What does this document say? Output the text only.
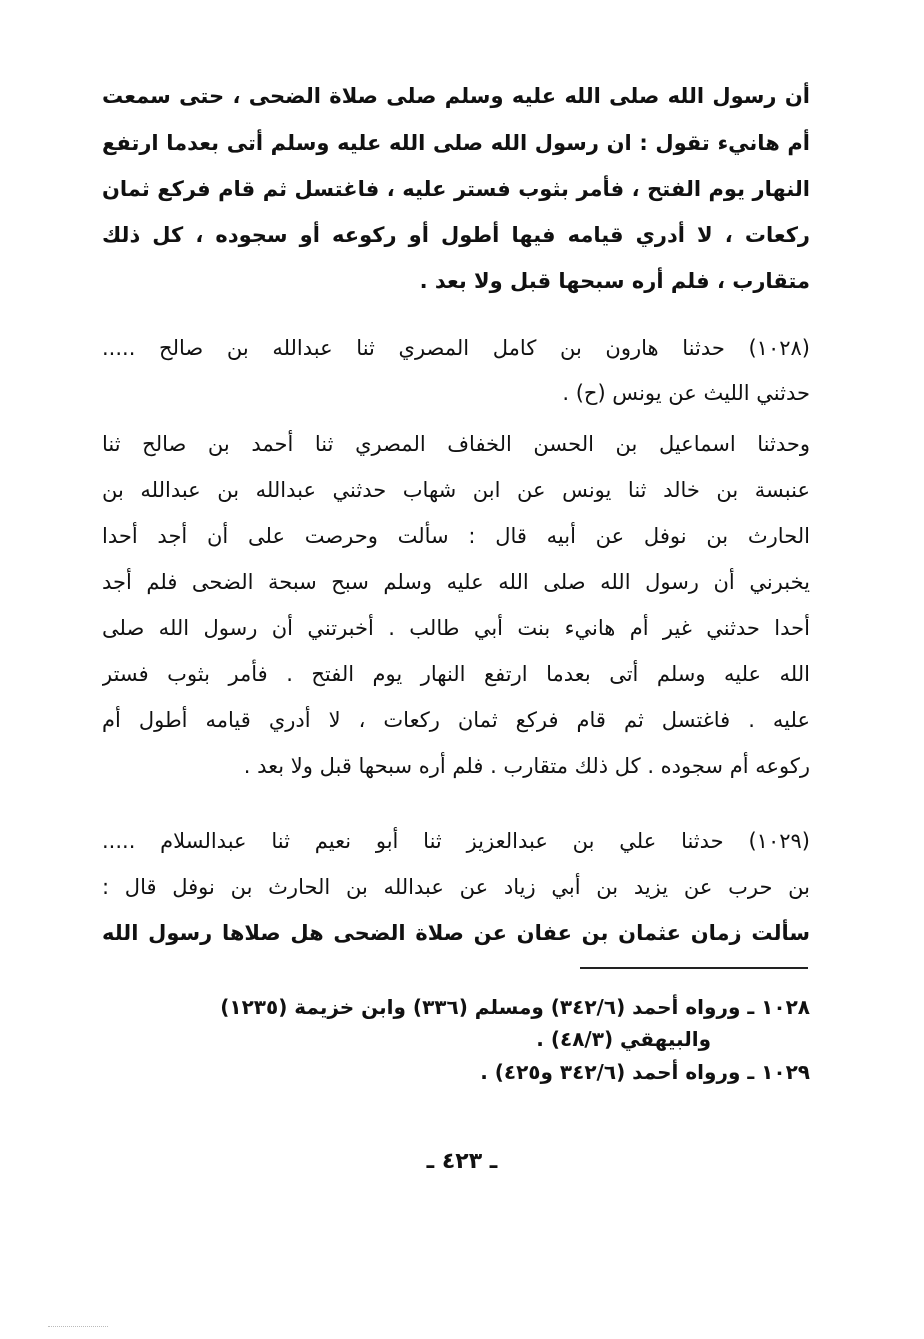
أن رسول الله صلى الله عليه وسلم صلى صلاة الضحى ، حتى سمعت
أم هانيء تقول : ان رسول الله صلى الله عليه وسلم أتى بعدما ارتفع
النهار يوم الفتح ، فأمر بثوب فستر عليه ، فاغتسل ثم قام فركع ثمان
ركعات ، لا أدري قيامه فيها أطول أو ركوعه أو سجوده ، كل ذلك
متقارب ، فلم أره سبحها قبل ولا بعد .
(١٠٢٨) حدثنا هارون بن كامل المصري ثنا عبدالله بن صالح .....
حدثني الليث عن يونس (ح) .
وحدثنا اسماعيل بن الحسن الخفاف المصري ثنا أحمد بن صالح ثنا
عنبسة بن خالد ثنا يونس عن ابن شهاب حدثني عبدالله بن عبدالله بن
الحارث بن نوفل عن أبيه قال : سألت وحرصت على أن أجد أحدا
يخبرني أن رسول الله صلى الله عليه وسلم سبح سبحة الضحى فلم أجد
أحدا حدثني غير أم هانيء بنت أبي طالب . أخبرتني أن رسول الله صلى
الله عليه وسلم أتى بعدما ارتفع النهار يوم الفتح . فأمر بثوب فستر
عليه . فاغتسل ثم قام فركع ثمان ركعات ، لا أدري قيامه أطول أم
ركوعه أم سجوده . كل ذلك متقارب . فلم أره سبحها قبل ولا بعد .
(١٠٢٩) حدثنا علي بن عبدالعزيز ثنا أبو نعيم ثنا عبدالسلام .....
بن حرب عن يزيد بن أبي زياد عن عبدالله بن الحارث بن نوفل قال :
سألت زمان عثمان بن عفان عن صلاة الضحى هل صلاها رسول الله
١٠٢٨ ـ ورواه أحمد (٣٤٢/٦) ومسلم (٣٣٦) وابن خزيمة (١٢٣٥)
والبيهقي (٤٨/٣) .
١٠٢٩ ـ ورواه أحمد (٣٤٢/٦ و٤٢٥) .
ـ ٤٢٣ ـ
